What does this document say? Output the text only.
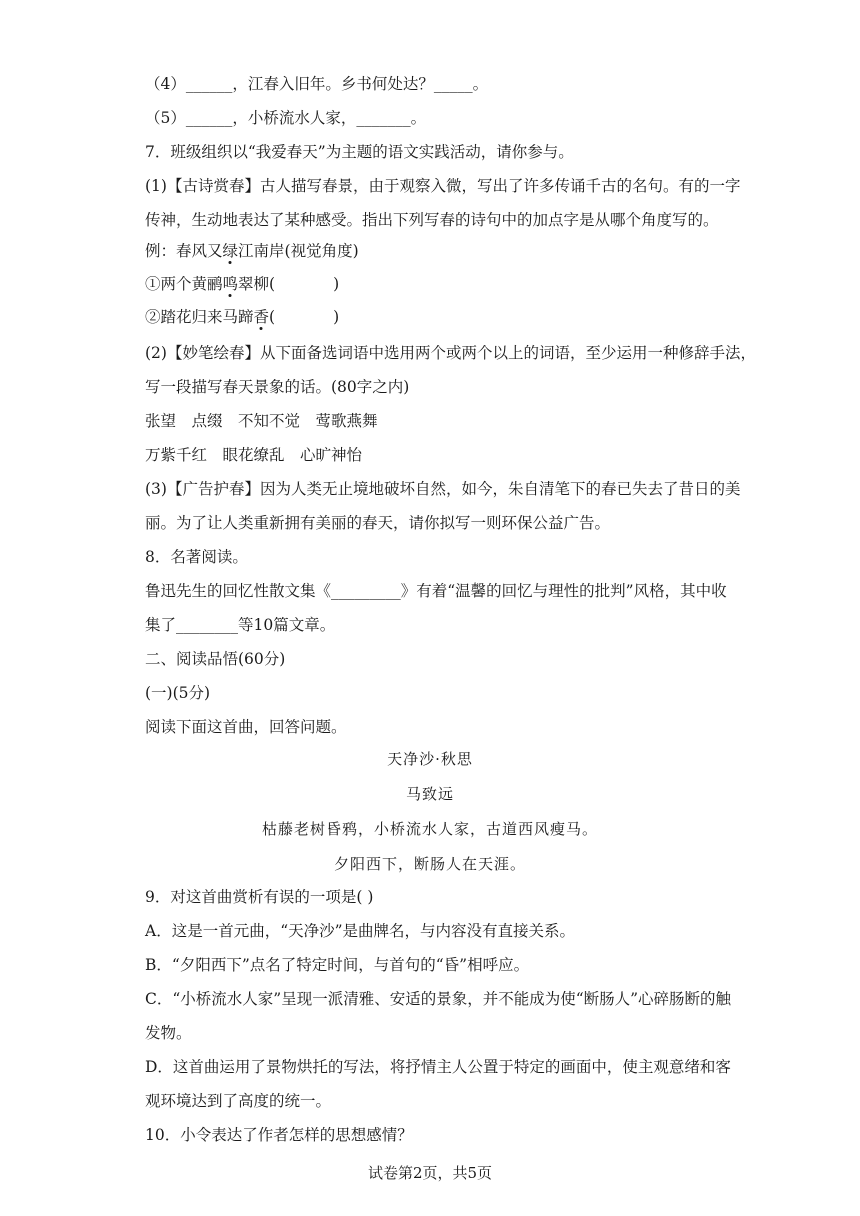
（4）______，江春入旧年。乡书何处达？_____。
（5）______，小桥流水人家，_______。
7．班级组织以“我爱春天”为主题的语文实践活动，请你参与。
(1)【古诗赏春】古人描写春景，由于观察入微，写出了许多传诵千古的名句。有的一字
传神，生动地表达了某种感受。指出下列写春的诗句中的加点字是从哪个角度写的。
例：春风又绿江南岸(视觉角度)
①两个黄鹂鸣翠柳(	)
②踏花归来马蹄香(	)
(2)【妙笔绘春】从下面备选词语中选用两个或两个以上的词语，至少运用一种修辞手法，
写一段描写春天景象的话。(80字之内)
张望　点缀　不知不觉　莺歌燕舞
万紫千红　眼花缭乱　心旷神怡
(3)【广告护春】因为人类无止境地破坏自然，如今，朱自清笔下的春已失去了昔日的美
丽。为了让人类重新拥有美丽的春天，请你拟写一则环保公益广告。
8．名著阅读。
鲁迅先生的回忆性散文集《_________》有着“温馨的回忆与理性的批判”风格，其中收
集了________等10篇文章。
二、阅读品悟(60分)
(一)(5分)
阅读下面这首曲，回答问题。
天净沙·秋思
马致远
枯藤老树昏鸦，小桥流水人家，古道西风瘦马。
夕阳西下，断肠人在天涯。
9．对这首曲赏析有误的一项是( )
A．这是一首元曲，“天净沙”是曲牌名，与内容没有直接关系。
B．“夕阳西下”点名了特定时间，与首句的“昏”相呼应。
C．“小桥流水人家”呈现一派清雅、安适的景象，并不能成为使“断肠人”心碎肠断的触
发物。
D．这首曲运用了景物烘托的写法，将抒情主人公置于特定的画面中，使主观意绪和客
观环境达到了高度的统一。
10．小令表达了作者怎样的思想感情？
试卷第2页，共5页
